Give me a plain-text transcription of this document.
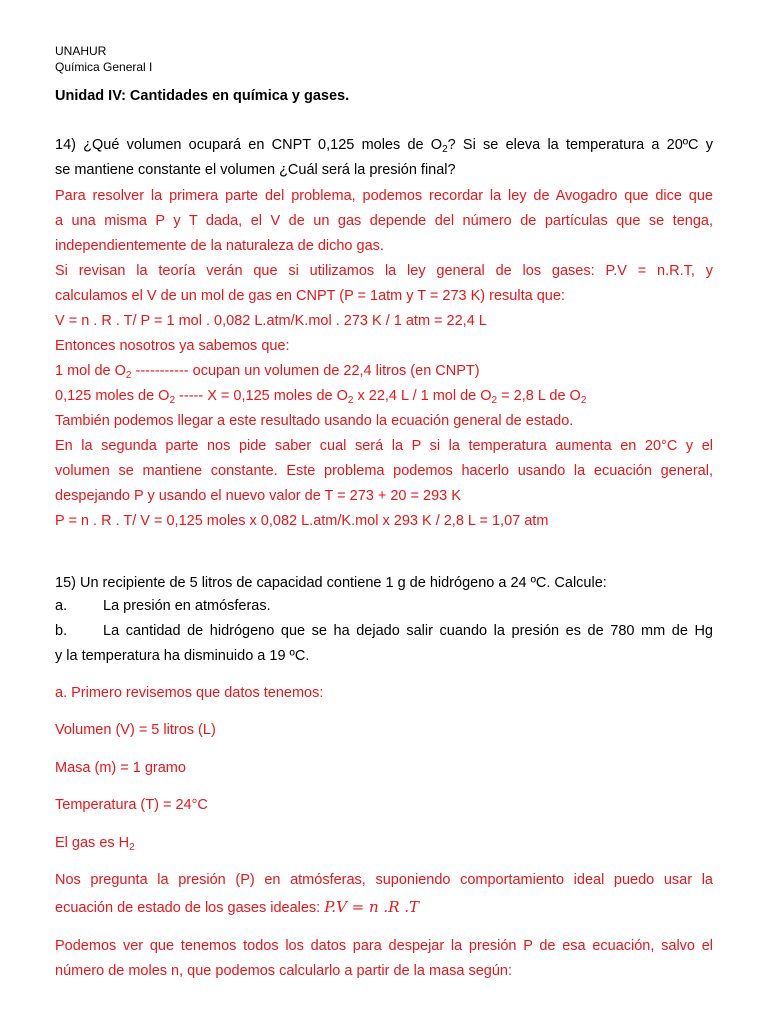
UNAHUR
Química General I
Unidad IV: Cantidades en química y gases.
14) ¿Qué volumen ocupará en CNPT 0,125 moles de $O_2$? Si se eleva la temperatura a 20ºC y
se mantiene constante el volumen ¿Cuál será la presión final?
Para resolver la primera parte del problema, podemos recordar la ley de Avogadro que dice que
a una misma P y T dada, el V de un gas depende del número de partículas que se tenga,
independientemente de la naturaleza de dicho gas.
Si revisan la teoría verán que si utilizamos la ley general de los gases: P.V = n.R.T, y
calculamos el V de un mol de gas en CNPT (P = 1atm y T = 273 K) resulta que:
V = n . R . T/ P = 1 mol . 0,082 L.atm/K.mol . 273 K / 1 atm = 22,4 L
Entonces nosotros ya sabemos que:
1 mol de $O_2$ ----------- ocupan un volumen de 22,4 litros (en CNPT)
0,125 moles de $O_2$ ----- X = 0,125 moles de $O_2$ x 22,4 L / 1 mol de $O_2 = 2,8$ L de $O_2$
También podemos llegar a este resultado usando la ecuación general de estado.
En la segunda parte nos pide saber cual será la P si la temperatura aumenta en 20°C y el
volumen se mantiene constante. Este problema podemos hacerlo usando la ecuación general,
despejando P y usando el nuevo valor de T = 273 + 20 = 293 K
P = n . R . T/ V = 0,125 moles x 0,082 L.atm/K.mol x 293 K / 2,8 L = 1,07 atm
15) Un recipiente de 5 litros de capacidad contiene 1 g de hidrógeno a 24 ºC. Calcule:
a. La presión en atmósferas.
b. La cantidad de hidrógeno que se ha dejado salir cuando la presión es de 780 mm de Hg
y la temperatura ha disminuido a 19 ºC.
a. Primero revisemos que datos tenemos:
Volumen (V) = 5 litros (L)
Masa (m) = 1 gramo
Temperatura (T) = 24°C
El gas es $H_2$
Nos pregunta la presión (P) en atmósferas, suponiendo comportamiento ideal puedo usar la
ecuación de estado de los gases ideales: P.V = n .R .T
Podemos ver que tenemos todos los datos para despejar la presión P de esa ecuación, salvo el
número de moles n, que podemos calcularlo a partir de la masa según:
